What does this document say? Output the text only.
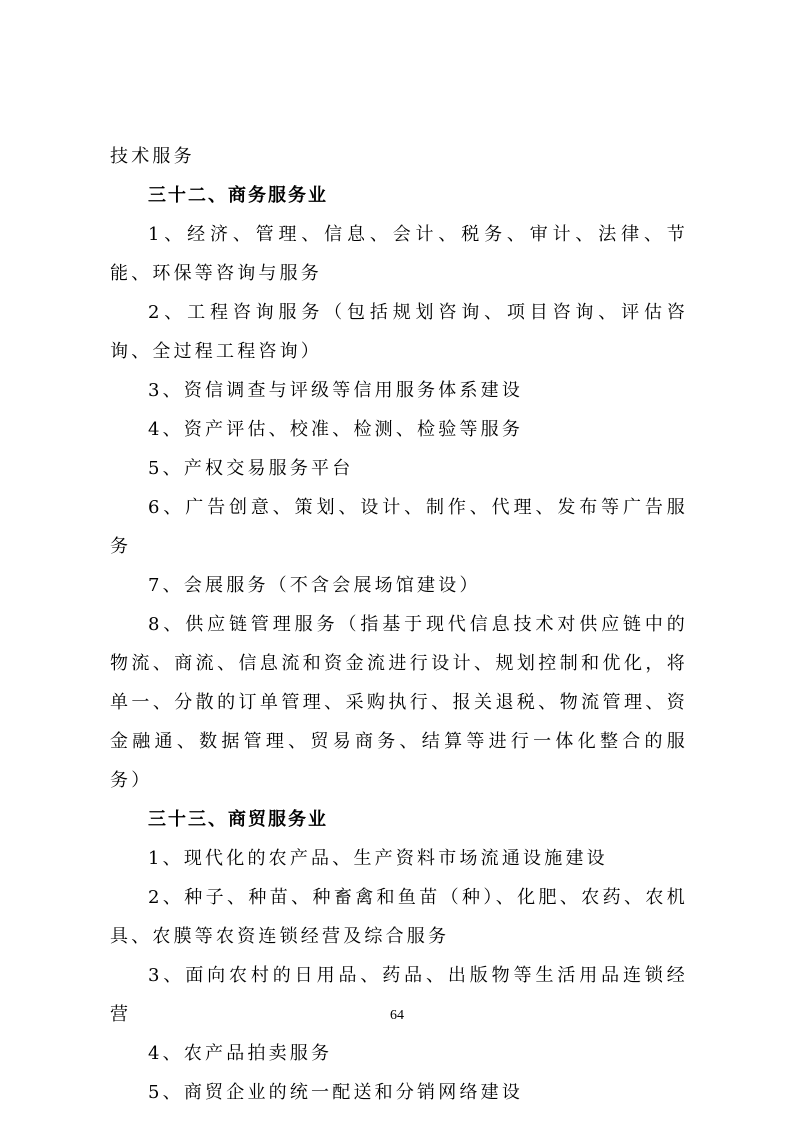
技术服务

三十二、商务服务业

1、经济、管理、信息、会计、税务、审计、法律、节能、环保等咨询与服务

2、工程咨询服务（包括规划咨询、项目咨询、评估咨询、全过程工程咨询）

3、资信调查与评级等信用服务体系建设

4、资产评估、校准、检测、检验等服务

5、产权交易服务平台

6、广告创意、策划、设计、制作、代理、发布等广告服务

7、会展服务（不含会展场馆建设）

8、供应链管理服务（指基于现代信息技术对供应链中的物流、商流、信息流和资金流进行设计、规划控制和优化，将单一、分散的订单管理、采购执行、报关退税、物流管理、资金融通、数据管理、贸易商务、结算等进行一体化整合的服务）

三十三、商贸服务业

1、现代化的农产品、生产资料市场流通设施建设

2、种子、种苗、种畜禽和鱼苗（种）、化肥、农药、农机具、农膜等农资连锁经营及综合服务

3、面向农村的日用品、药品、出版物等生活用品连锁经营

4、农产品拍卖服务

5、商贸企业的统一配送和分销网络建设

64
